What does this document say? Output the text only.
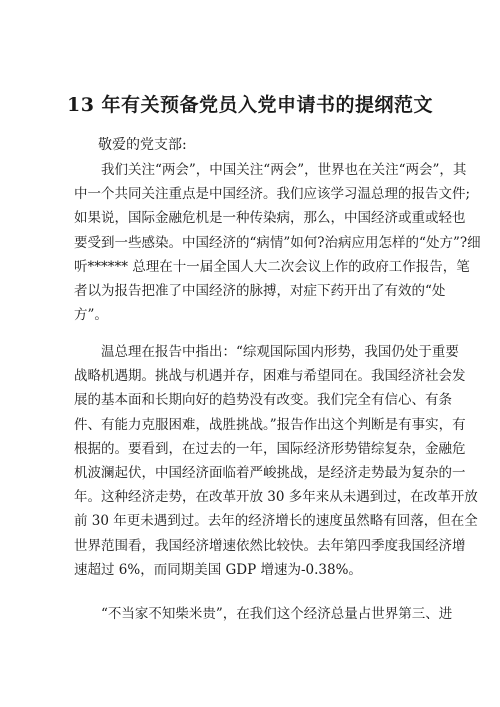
13 年有关预备党员入党申请书的提纲范文

敬爱的党支部:

　　我们关注“两会”，中国关注“两会”，世界也在关注“两会”，其
中一个共同关注重点是中国经济。我们应该学习温总理的报告文件;
如果说，国际金融危机是一种传染病，那么，中国经济或重或轻也
要受到一些感染。中国经济的“病情”如何?治病应用怎样的“处方”?细
听****** 总理在十一届全国人大二次会议上作的政府工作报告，笔
者以为报告把准了中国经济的脉搏，对症下药开出了有效的“处
方”。

　　温总理在报告中指出：“综观国际国内形势，我国仍处于重要
战略机遇期。挑战与机遇并存，困难与希望同在。我国经济社会发
展的基本面和长期向好的趋势没有改变。我们完全有信心、有条
件、有能力克服困难，战胜挑战。”报告作出这个判断是有事实，有
根据的。要看到，在过去的一年，国际经济形势错综复杂，金融危
机波澜起伏，中国经济面临着严峻挑战，是经济走势最为复杂的一
年。这种经济走势，在改革开放 30 多年来从未遇到过，在改革开放
前 30 年更未遇到过。去年的经济增长的速度虽然略有回落，但在全
世界范围看，我国经济增速依然比较快。去年第四季度我国经济增
速超过 6%，而同期美国 GDP 增速为-0.38%。

　　“不当家不知柴米贵”，在我们这个经济总量占世界第三、进
